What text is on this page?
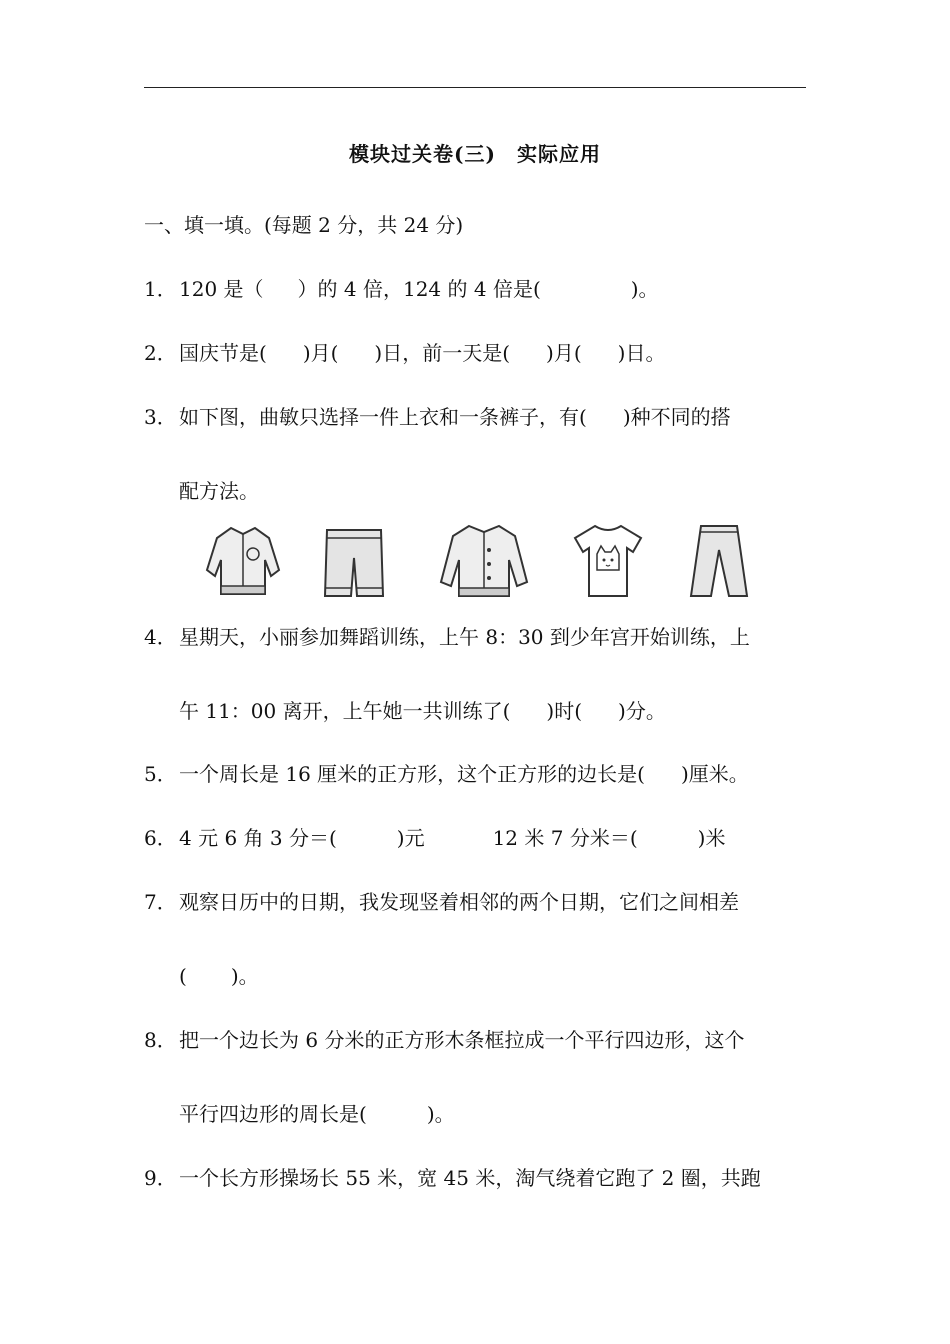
模块过关卷(三)　实际应用
一、填一填。(每题 2 分，共 24 分)
1． 120 是（ ）的 4 倍，124 的 4 倍是(	)。
2． 国庆节是( )月( )日，前一天是( )月( )日。
3． 如下图，曲敏只选择一件上衣和一条裤子，有( )种不同的搭
配方法。
4． 星期天，小丽参加舞蹈训练，上午 8：30 到少年宫开始训练，上
午 11：00 离开，上午她一共训练了( )时( )分。
5． 一个周长是 16 厘米的正方形，这个正方形的边长是( )厘米。
6． 4 元 6 角 3 分＝(	)元	12 米 7 分米＝(	)米
7． 观察日历中的日期，我发现竖着相邻的两个日期，它们之间相差
( )。
8． 把一个边长为 6 分米的正方形木条框拉成一个平行四边形，这个
平行四边形的周长是(	)。
9． 一个长方形操场长 55 米，宽 45 米，淘气绕着它跑了 2 圈，共跑
